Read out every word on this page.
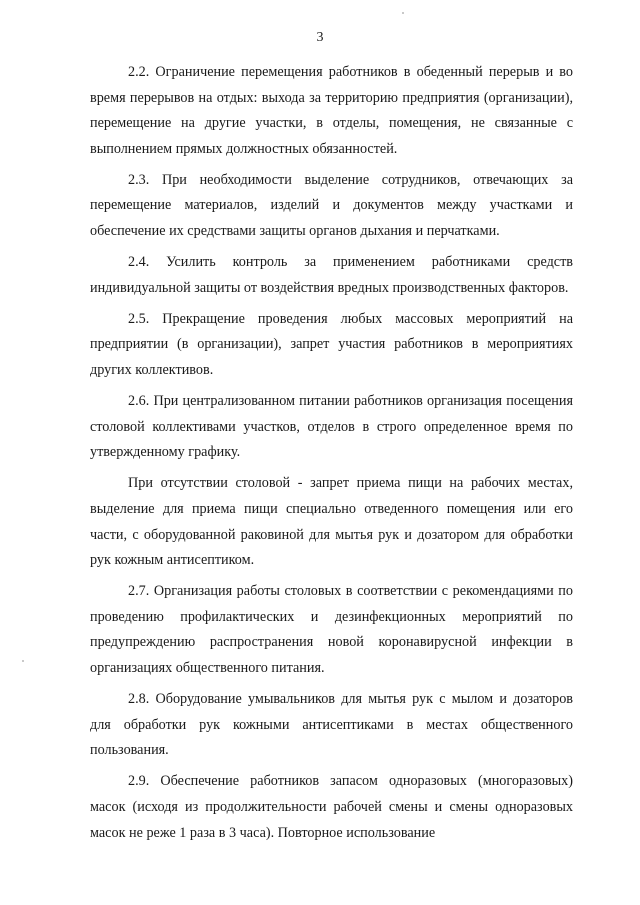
3

2.2. Ограничение перемещения работников в обеденный перерыв и во время перерывов на отдых: выхода за территорию предприятия (организации), перемещение на другие участки, в отделы, помещения, не связанные с выполнением прямых должностных обязанностей.

2.3. При необходимости выделение сотрудников, отвечающих за перемещение материалов, изделий и документов между участками и обеспечение их средствами защиты органов дыхания и перчатками.

2.4. Усилить контроль за применением работниками средств индивидуальной защиты от воздействия вредных производственных факторов.

2.5. Прекращение проведения любых массовых мероприятий на предприятии (в организации), запрет участия работников в мероприятиях других коллективов.

2.6. При централизованном питании работников организация посещения столовой коллективами участков, отделов в строго определенное время по утвержденному графику.

При отсутствии столовой - запрет приема пищи на рабочих местах, выделение для приема пищи специально отведенного помещения или его части, с оборудованной раковиной для мытья рук и дозатором для обработки рук кожным антисептиком.

2.7. Организация работы столовых в соответствии с рекомендациями по проведению профилактических и дезинфекционных мероприятий по предупреждению распространения новой коронавирусной инфекции в организациях общественного питания.

2.8. Оборудование умывальников для мытья рук с мылом и дозаторов для обработки рук кожными антисептиками в местах общественного пользования.

2.9. Обеспечение работников запасом одноразовых (многоразовых) масок (исходя из продолжительности рабочей смены и смены одноразовых масок не реже 1 раза в 3 часа). Повторное использование
